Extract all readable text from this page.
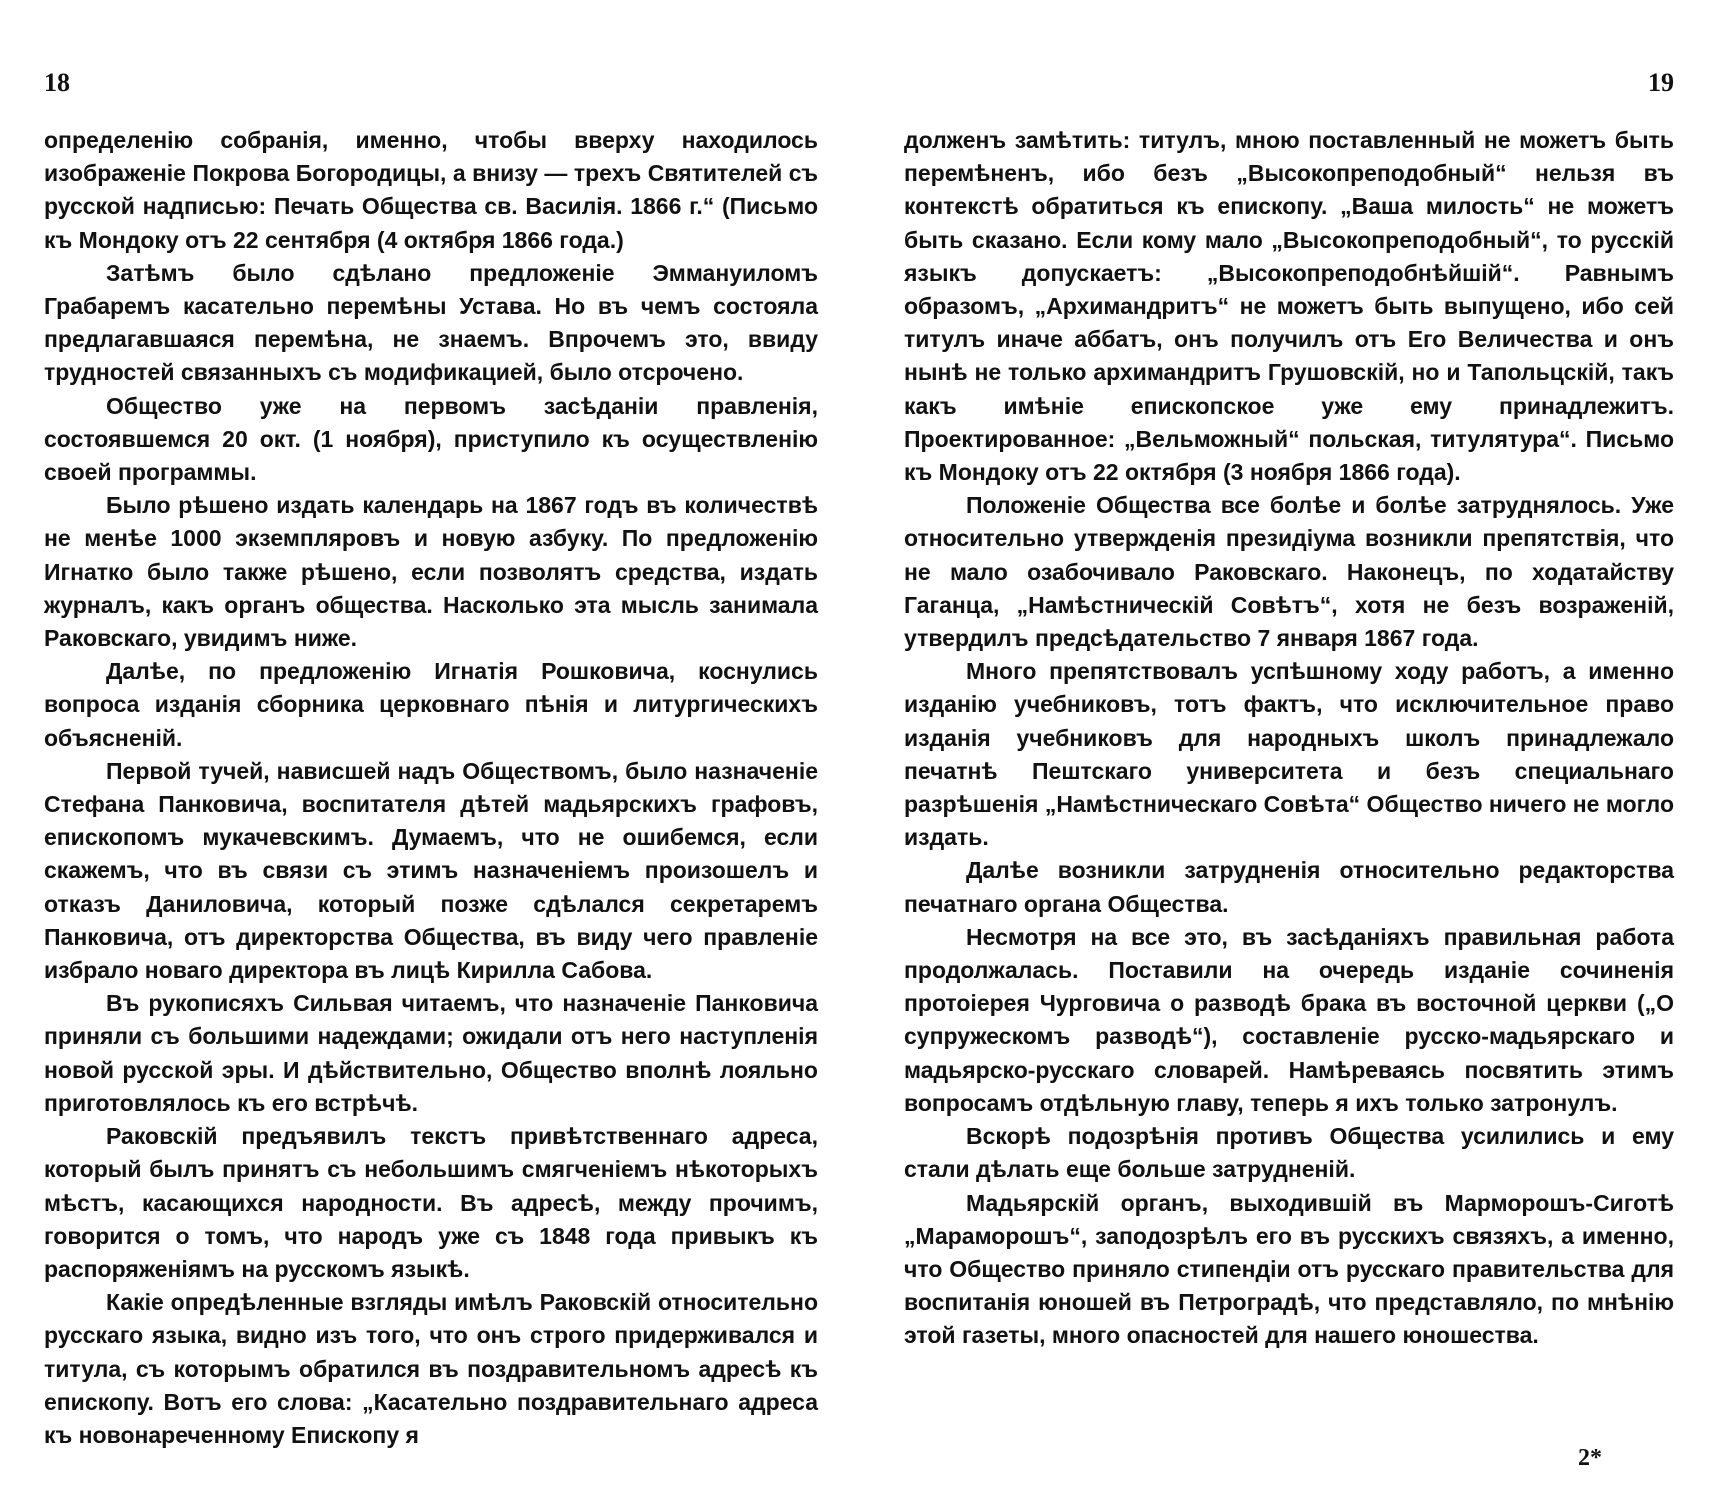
18

определенію собранія, именно, чтобы вверху находилось изображеніе Покрова Богородицы, а внизу — трехъ Святителей съ русской надписью: Печать Общества св. Василія. 1866 г.“ (Письмо къ Мондоку отъ 22 сентября (4 октября 1866 года.)

Затѣмъ было сдѣлано предложеніе Эммануиломъ Грабаремъ касательно перемѣны Устава. Но въ чемъ состояла предлагавшаяся перемѣна, не знаемъ. Впрочемъ это, ввиду трудностей связанныхъ съ модификацией, было отсрочено.

Общество уже на первомъ засѣданіи правленія, состоявшемся 20 окт. (1 ноября), приступило къ осуществленію своей программы.

Было рѣшено издать календарь на 1867 годъ въ количествѣ не менѣе 1000 экземпляровъ и новую азбуку. По предложенію Игнатко было также рѣшено, если позволятъ средства, издать журналъ, какъ органъ общества. Насколько эта мысль занимала Раковскаго, увидимъ ниже.

Далѣе, по предложенію Игнатія Рошковича, коснулись вопроса изданія сборника церковнаго пѣнія и литургическихъ объясненій.

Первой тучей, нависшей надъ Обществомъ, было назначеніе Стефана Панковича, воспитателя дѣтей мадьярскихъ графовъ, епископомъ мукачевскимъ. Думаемъ, что не ошибемся, если скажемъ, что въ связи съ этимъ назначеніемъ произошелъ и отказъ Даниловича, который позже сдѣлался секретаремъ Панковича, отъ директорства Общества, въ виду чего правленіе избрало новаго директора въ лицѣ Кирилла Сабова.

Въ рукописяхъ Сильвая читаемъ, что назначеніе Панковича приняли съ большими надеждами; ожидали отъ него наступленія новой русской эры. И дѣйствительно, Общество вполнѣ лояльно приготовлялось къ его встрѣчѣ.

Раковскій предъявилъ текстъ привѣтственнаго адреса, который былъ принятъ съ небольшимъ смягченіемъ нѣкоторыхъ мѣстъ, касающихся народности. Въ адресѣ, между прочимъ, говорится о томъ, что народъ уже съ 1848 года привыкъ къ распоряженіямъ на русскомъ языкѣ.

Какіе опредѣленные взгляды имѣлъ Раковскій относительно русскаго языка, видно изъ того, что онъ строго придерживался и титула, съ которымъ обратился въ поздравительномъ адресѣ къ епископу. Вотъ его слова: „Касательно поздравительнаго адреса къ новонареченному Епископу я

19

долженъ замѣтить: титулъ, мною поставленный не можетъ быть перемѣненъ, ибо безъ „Высокопреподобный“ нельзя въ контекстѣ обратиться къ епископу. „Ваша милость“ не можетъ быть сказано. Если кому мало „Высокопреподобный“, то русскій языкъ допускаетъ: „Высокопреподобнѣйшій“. Равнымъ образомъ, „Архимандритъ“ не можетъ быть выпущено, ибо сей титулъ иначе аббатъ, онъ получилъ отъ Его Величества и онъ нынѣ не только архимандритъ Грушовскій, но и Тапольцскій, такъ какъ имѣніе епископское уже ему принадлежитъ. Проектированное: „Вельможный“ польская, титулятура“. Письмо къ Мондоку отъ 22 октября (3 ноября 1866 года).

Положеніе Общества все болѣе и болѣе затруднялось. Уже относительно утвержденія президіума возникли препятствія, что не мало озабочивало Раковскаго. Наконецъ, по ходатайству Гаганца, „Намѣстническій Совѣтъ“, хотя не безъ возраженій, утвердилъ предсѣдательство 7 января 1867 года.

Много препятствовалъ успѣшному ходу работъ, а именно изданію учебниковъ, тотъ фактъ, что исключительное право изданія учебниковъ для народныхъ школъ принадлежало печатнѣ Пештскаго университета и безъ специальнаго разрѣшенія „Намѣстническаго Совѣта“ Общество ничего не могло издать.

Далѣе возникли затрудненія относительно редакторства печатнаго органа Общества.

Несмотря на все это, въ засѣданіяхъ правильная работа продолжалась. Поставили на очередь изданіе сочиненія протоіерея Чурговича о разводѣ брака въ восточной церкви („О супружескомъ разводѣ“), составленіе русско-мадьярскаго и мадьярско-русскаго словарей. Намѣреваясь посвятить этимъ вопросамъ отдѣльную главу, теперь я ихъ только затронулъ.

Вскорѣ подозрѣнія противъ Общества усилились и ему стали дѣлать еще больше затрудненій.

Мадьярскій органъ, выходившій въ Марморошъ-Сиготѣ „Мараморошъ“, заподозрѣлъ его въ русскихъ связяхъ, а именно, что Общество приняло стипендіи отъ русскаго правительства для воспитанія юношей въ Петроградѣ, что представляло, по мнѣнію этой газеты, много опасностей для нашего юношества.

2*
